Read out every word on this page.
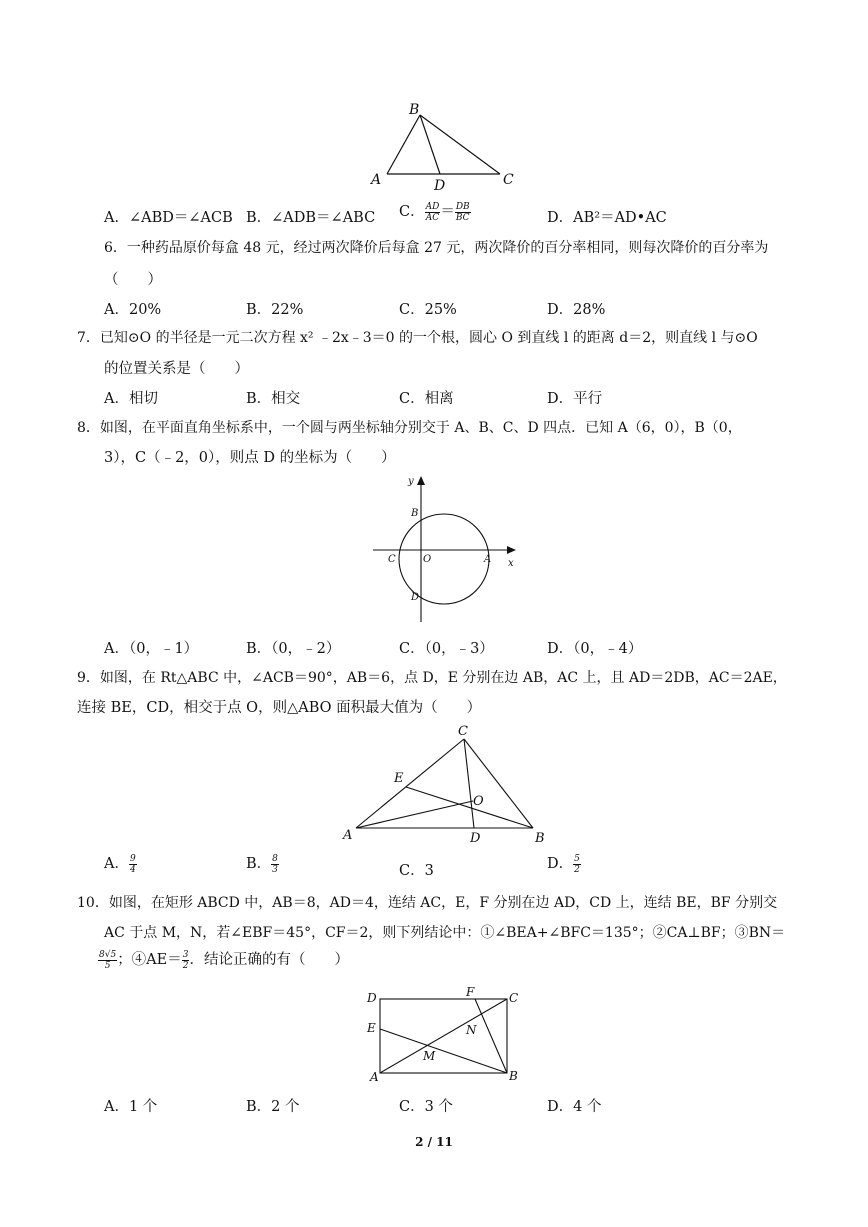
B
A	D	C
A．∠ABD＝∠ACB B．∠ADB＝∠ABC C． $\frac{AD}{AC} = \frac{DB}{BC}$	D．AB²＝AD•AC
6．一种药品原价每盒 48 元，经过两次降价后每盒 27 元，两次降价的百分率相同，则每次降价的百分率为
（　　）
A．20%	B．22%	C．25%	D．28%
7．已知⊙O 的半径是一元二次方程 x² ﹣2x﹣3＝0 的一个根，圆心 O 到直线 l 的距离 d＝2，则直线 l 与⊙O
的位置关系是（　　）
A．相切	B．相交	C．相离	D．平行
8．如图，在平面直角坐标系中，一个圆与两坐标轴分别交于 A、B、C、D 四点．已知 A（6，0），B（0，
3），C（﹣2，0），则点 D 的坐标为（　　）
y
x
O	A
B
C
D
A．（0，﹣1）	B．（0，﹣2）	C．（0，﹣3）	D．（0，﹣4）
9．如图，在 Rt△ABC 中，∠ACB＝90°，AB＝6，点 D，E 分别在边 AB，AC 上，且 AD＝2DB，AC＝2AE，
连接 BE，CD，相交于点 O，则△ABO 面积最大值为（　　）
C
E
O
A	D	B
A． $\frac{9}{4}$	B． $\frac{8}{3}$	C．3	D． $\frac{5}{2}$
10．如图，在矩形 ABCD 中，AB＝8，AD＝4，连结 AC，E，F 分别在边 AD，CD 上，连结 BE，BF 分别交
AC 于点 M，N，若∠EBF＝45°，CF＝2，则下列结论中：①∠BEA+∠BFC＝135°；②CA⊥BF；③BN＝
$\frac{8√5}{5}$ ；④AE＝ $\frac{3}{2}$ ．结论正确的有（　　）
D	F	C
E	N
M
A	B
A．1 个	B．2 个	C．3 个	D．4 个
2 / 11
